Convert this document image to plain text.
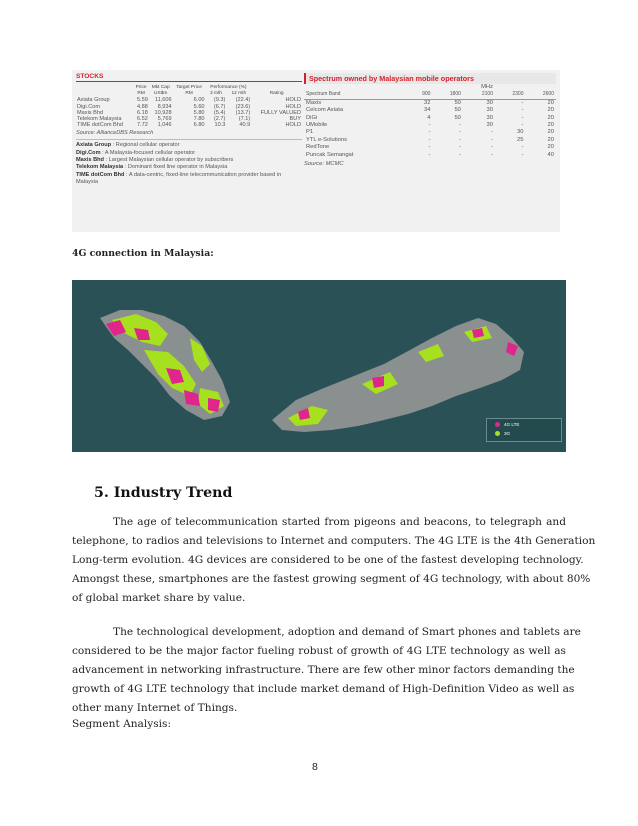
STOCKS
	Price	Mkt Cap	Target Price	Performance (%)		
	RM	US$m	RM	3 mth	12 mth	Rating
Axiata Group	5.59	11,606	6.00	(9.3)	(22.4)	HOLD
Digi.Com	4.88	8,934	5.60	(6.7)	(23.6)	HOLD
Maxis Bhd	6.18	10,928	5.80	(5.4)	(13.7)	FULLY VALUED
Telekom Malaysia	6.52	5,769	7.80	(2.7)	(7.1)	BUY
TIME dotCom Bhd	7.72	1,046	6.80	10.3	40.9	HOLD
Source: AllianceDBS Research
Axiata Group : Regional cellular operator
Digi.Com : A Malaysia-focused cellular operator
Maxis Bhd : Largest Malaysian cellular operator by subscribers
Telekom Malaysia : Dominant fixed line operator in Malaysia
TIME dotCom Bhd : A data-centric, fixed-line telecommunication provider based in Malaysia
Spectrum owned by Malaysian mobile operators
			MHz		
Spectrum Band	900	1800	2100	2300	2600
Maxis	32	50	30	-	20
Celcom Axiata	34	50	30	-	20
DiGi	4	50	30	-	20
UMobile	-	-	30	-	20
P1	-	-	-	30	20
YTL e-Solutions	-	-	-	25	20
RedTone	-	-	-	-	20
Puncak Semangat	-	-	-	-	40
Source: MCMC
4G connection in Malaysia:
4G LTE
3G
5. Industry Trend
The age of telecommunication started from pigeons and beacons, to telegraph and
telephone, to radios and televisions to Internet and computers. The 4G LTE is the 4th Generation
Long-term evolution. 4G devices are considered to be one of the fastest developing technology.
Amongst these, smartphones are the fastest growing segment of 4G technology, with about 80%
of global market share by value.
The technological development, adoption and demand of Smart phones and tablets are
considered to be the major factor fueling robust of growth of 4G LTE technology as well as
advancement in networking infrastructure. There are few other minor factors demanding the
growth of 4G LTE technology that include market demand of High-Definition Video as well as
other many Internet of Things.
Segment Analysis:
8
